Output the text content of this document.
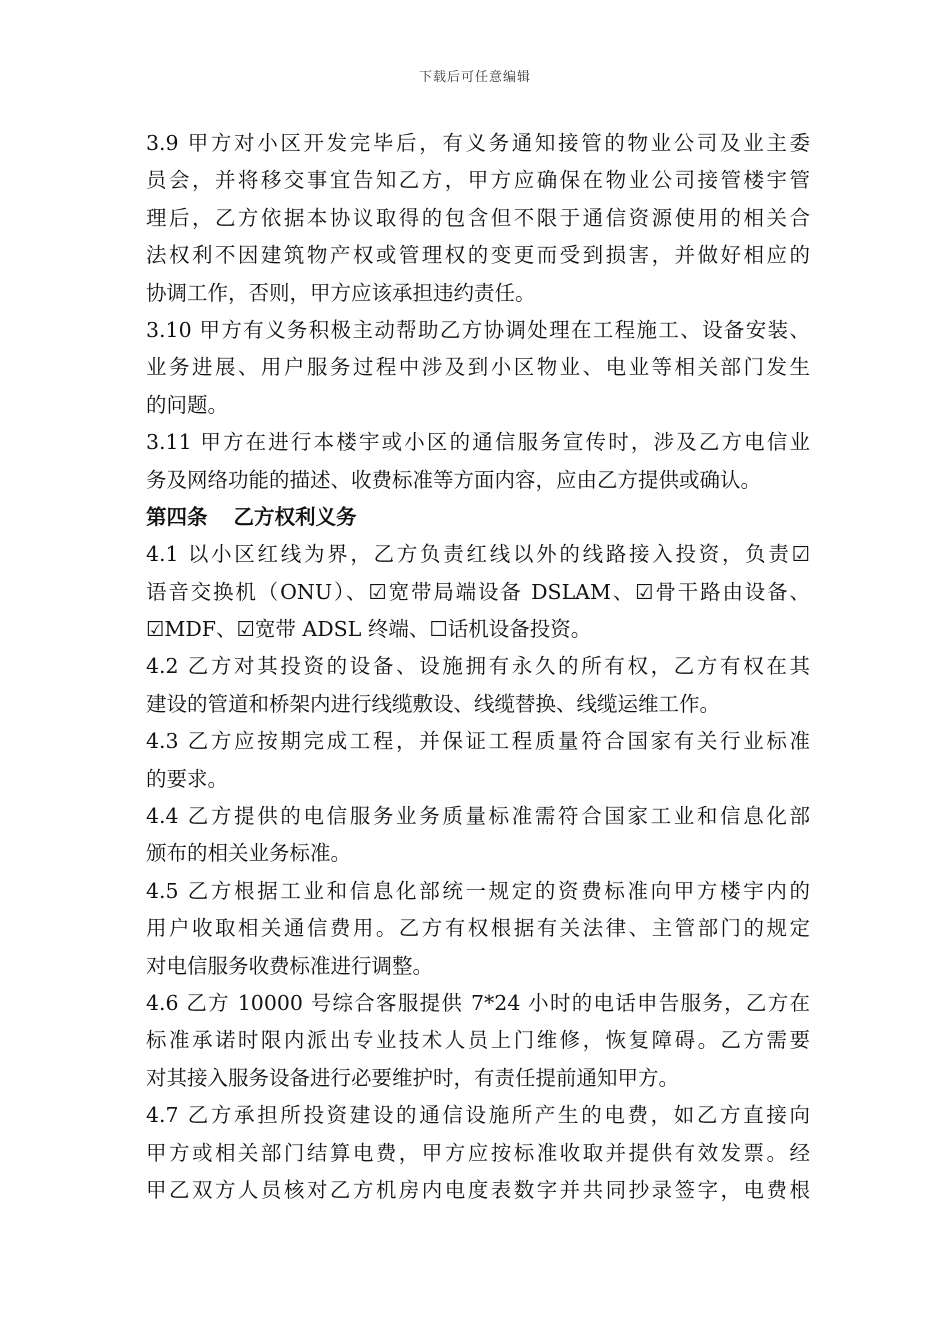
下载后可任意编辑
3.9 甲方对小区开发完毕后，有义务通知接管的物业公司及业主委
员会，并将移交事宜告知乙方，甲方应确保在物业公司接管楼宇管
理后，乙方依据本协议取得的包含但不限于通信资源使用的相关合
法权利不因建筑物产权或管理权的变更而受到损害，并做好相应的
协调工作，否则，甲方应该承担违约责任。
3.10 甲方有义务积极主动帮助乙方协调处理在工程施工、设备安装、
业务进展、用户服务过程中涉及到小区物业、电业等相关部门发生
的问题。
3.11 甲方在进行本楼宇或小区的通信服务宣传时，涉及乙方电信业
务及网络功能的描述、收费标准等方面内容，应由乙方提供或确认。
第四条 乙方权利义务
4.1 以小区红线为界，乙方负责红线以外的线路接入投资，负责☑
语音交换机（ONU）、☑宽带局端设备 DSLAM、☑骨干路由设备、
☑MDF、☑宽带 ADSL 终端、☐话机设备投资。
4.2 乙方对其投资的设备、设施拥有永久的所有权，乙方有权在其
建设的管道和桥架内进行线缆敷设、线缆替换、线缆运维工作。
4.3 乙方应按期完成工程，并保证工程质量符合国家有关行业标准
的要求。
4.4 乙方提供的电信服务业务质量标准需符合国家工业和信息化部
颁布的相关业务标准。
4.5 乙方根据工业和信息化部统一规定的资费标准向甲方楼宇内的
用户收取相关通信费用。乙方有权根据有关法律、主管部门的规定
对电信服务收费标准进行调整。
4.6 乙方 10000 号综合客服提供 7*24 小时的电话申告服务，乙方在
标准承诺时限内派出专业技术人员上门维修，恢复障碍。乙方需要
对其接入服务设备进行必要维护时，有责任提前通知甲方。
4.7 乙方承担所投资建设的通信设施所产生的电费，如乙方直接向
甲方或相关部门结算电费，甲方应按标准收取并提供有效发票。经
甲乙双方人员核对乙方机房内电度表数字并共同抄录签字，电费根
